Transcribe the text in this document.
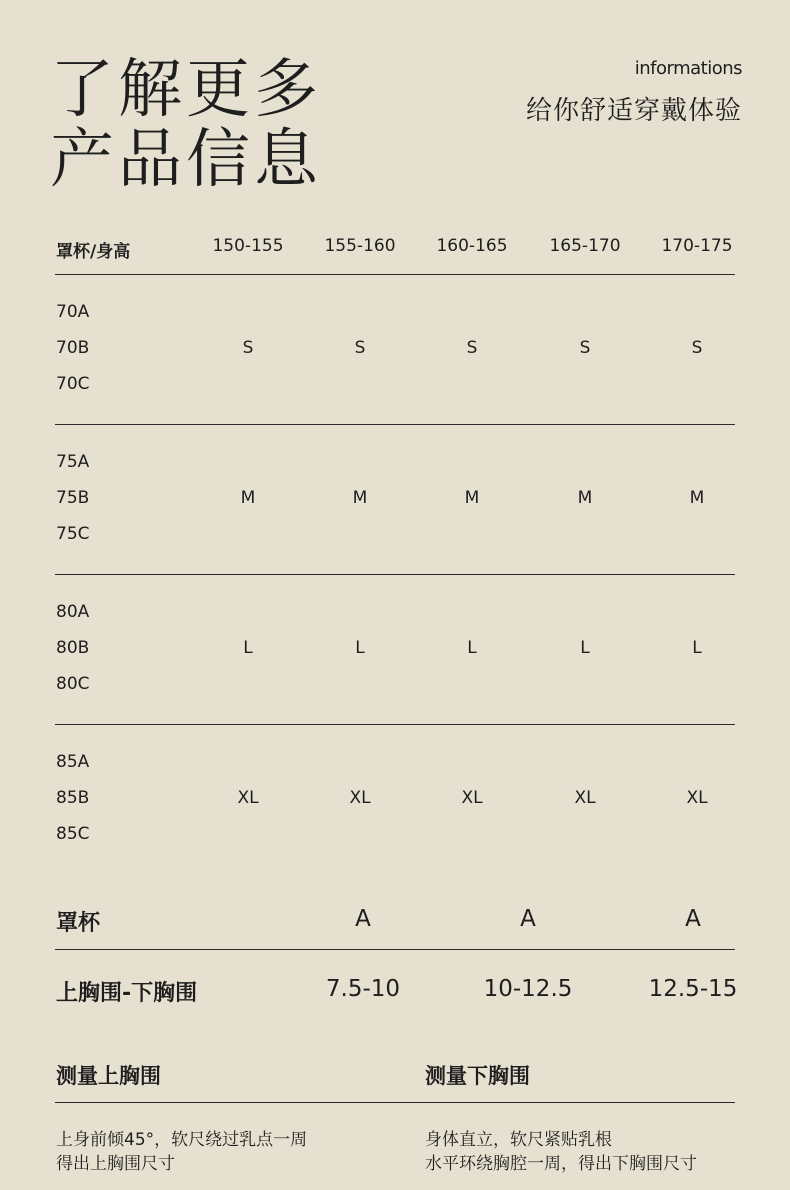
了解更多
产品信息
informations
给你舒适穿戴体验
罩杯/身高	150-155	155-160	160-165	165-170	170-175
70A
70B
70C
S	S	S	S	S
75A
75B
75C
M	M	M	M	M
80A
80B
80C
L	L	L	L	L
85A
85B
85C
XL	XL	XL	XL	XL
罩杯	A	A	A
上胸围-下胸围	7.5-10	10-12.5	12.5-15
测量上胸围	测量下胸围
上身前倾45°，软尺绕过乳点一周
得出上胸围尺寸
身体直立，软尺紧贴乳根
水平环绕胸腔一周，得出下胸围尺寸
